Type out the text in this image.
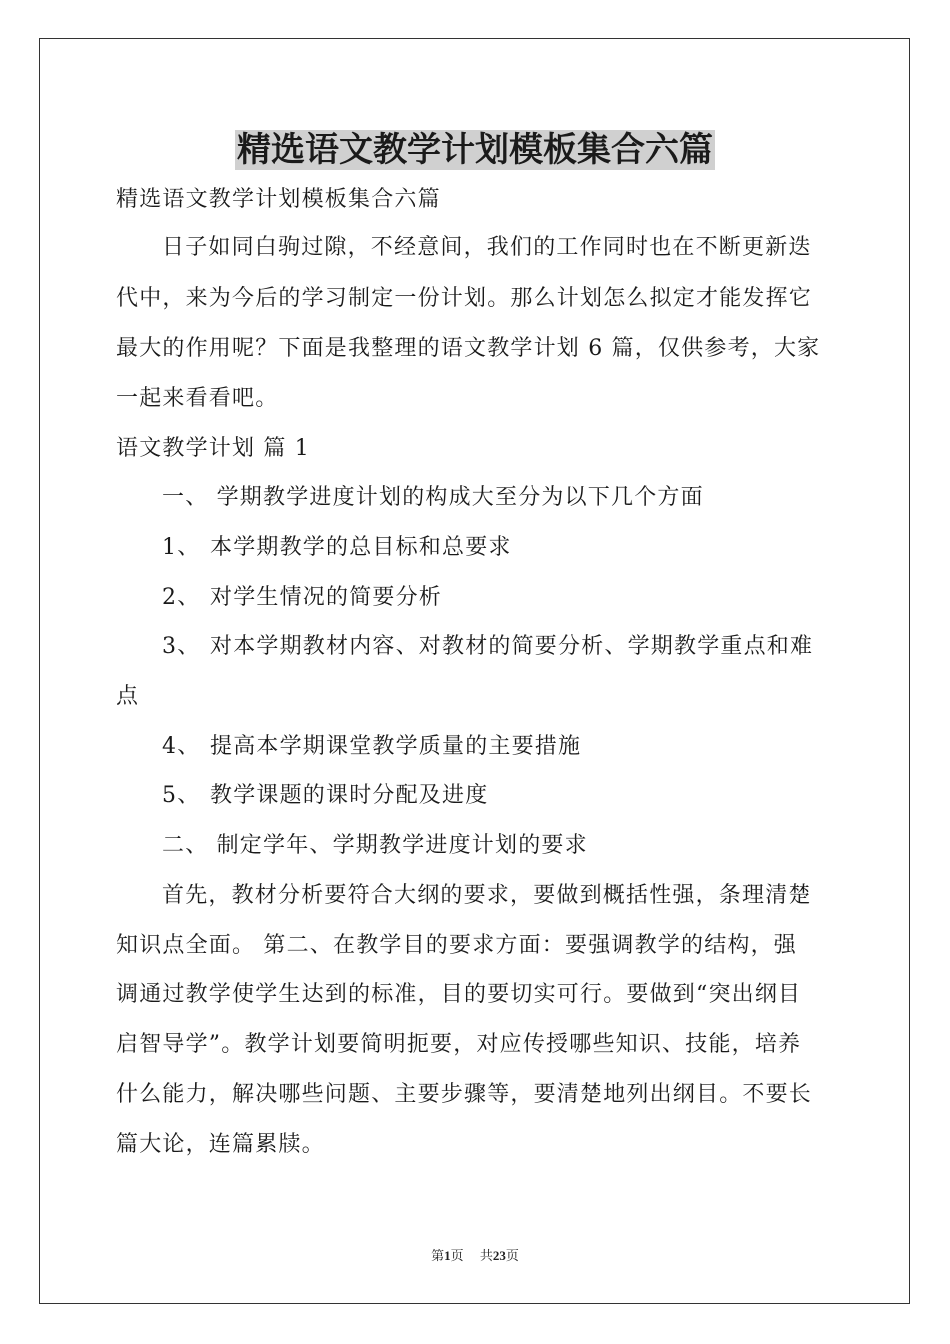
精选语文教学计划模板集合六篇
精选语文教学计划模板集合六篇
日子如同白驹过隙，不经意间，我们的工作同时也在不断更新迭
代中，来为今后的学习制定一份计划。那么计划怎么拟定才能发挥它
最大的作用呢？下面是我整理的语文教学计划 6 篇，仅供参考，大家
一起来看看吧。
语文教学计划 篇 1
一、 学期教学进度计划的构成大至分为以下几个方面
1、 本学期教学的总目标和总要求
2、 对学生情况的简要分析
3、 对本学期教材内容、对教材的简要分析、学期教学重点和难
点
4、 提高本学期课堂教学质量的主要措施
5、 教学课题的课时分配及进度
二、 制定学年、学期教学进度计划的要求
首先，教材分析要符合大纲的要求，要做到概括性强，条理清楚
知识点全面。 第二、在教学目的要求方面：要强调教学的结构，强
调通过教学使学生达到的标准，目的要切实可行。要做到“突出纲目
启智导学”。教学计划要简明扼要，对应传授哪些知识、技能，培养
什么能力，解决哪些问题、主要步骤等，要清楚地列出纲目。不要长
篇大论，连篇累牍。
第1页 共23页
